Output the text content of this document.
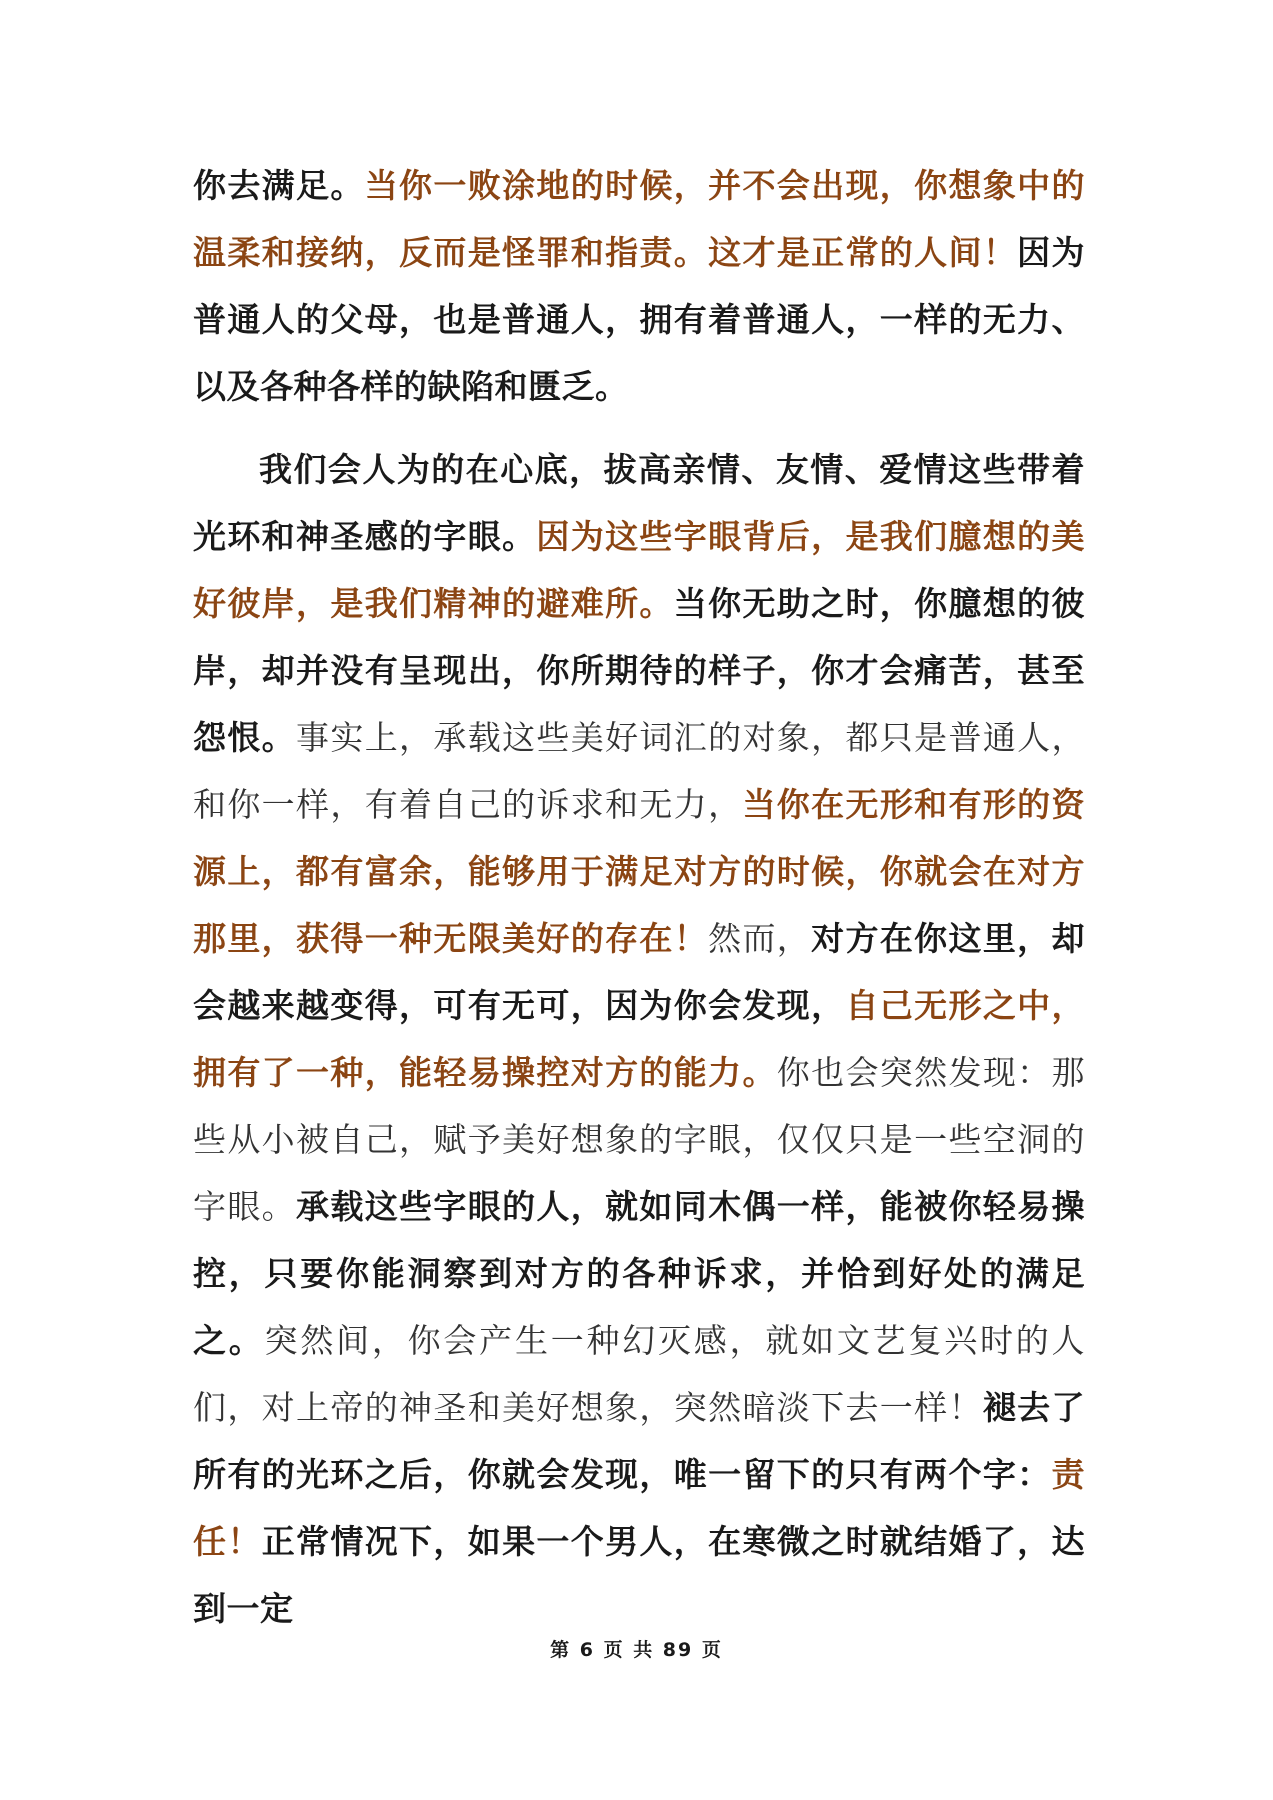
你去满足。当你一败涂地的时候，并不会出现，你想象中的温柔和接纳，反而是怪罪和指责。这才是正常的人间！因为普通人的父母，也是普通人，拥有着普通人，一样的无力、以及各种各样的缺陷和匮乏。

我们会人为的在心底，拔高亲情、友情、爱情这些带着光环和神圣感的字眼。因为这些字眼背后，是我们臆想的美好彼岸，是我们精神的避难所。当你无助之时，你臆想的彼岸，却并没有呈现出，你所期待的样子，你才会痛苦，甚至怨恨。事实上，承载这些美好词汇的对象，都只是普通人，和你一样，有着自己的诉求和无力，当你在无形和有形的资源上，都有富余，能够用于满足对方的时候，你就会在对方那里，获得一种无限美好的存在！然而，对方在你这里，却会越来越变得，可有无可，因为你会发现，自己无形之中，拥有了一种，能轻易操控对方的能力。你也会突然发现：那些从小被自己，赋予美好想象的字眼，仅仅只是一些空洞的字眼。承载这些字眼的人，就如同木偶一样，能被你轻易操控，只要你能洞察到对方的各种诉求，并恰到好处的满足之。突然间，你会产生一种幻灭感，就如文艺复兴时的人们，对上帝的神圣和美好想象，突然暗淡下去一样！褪去了所有的光环之后，你就会发现，唯一留下的只有两个字：责任！正常情况下，如果一个男人，在寒微之时就结婚了，达到一定

第 6 页 共 89 页
